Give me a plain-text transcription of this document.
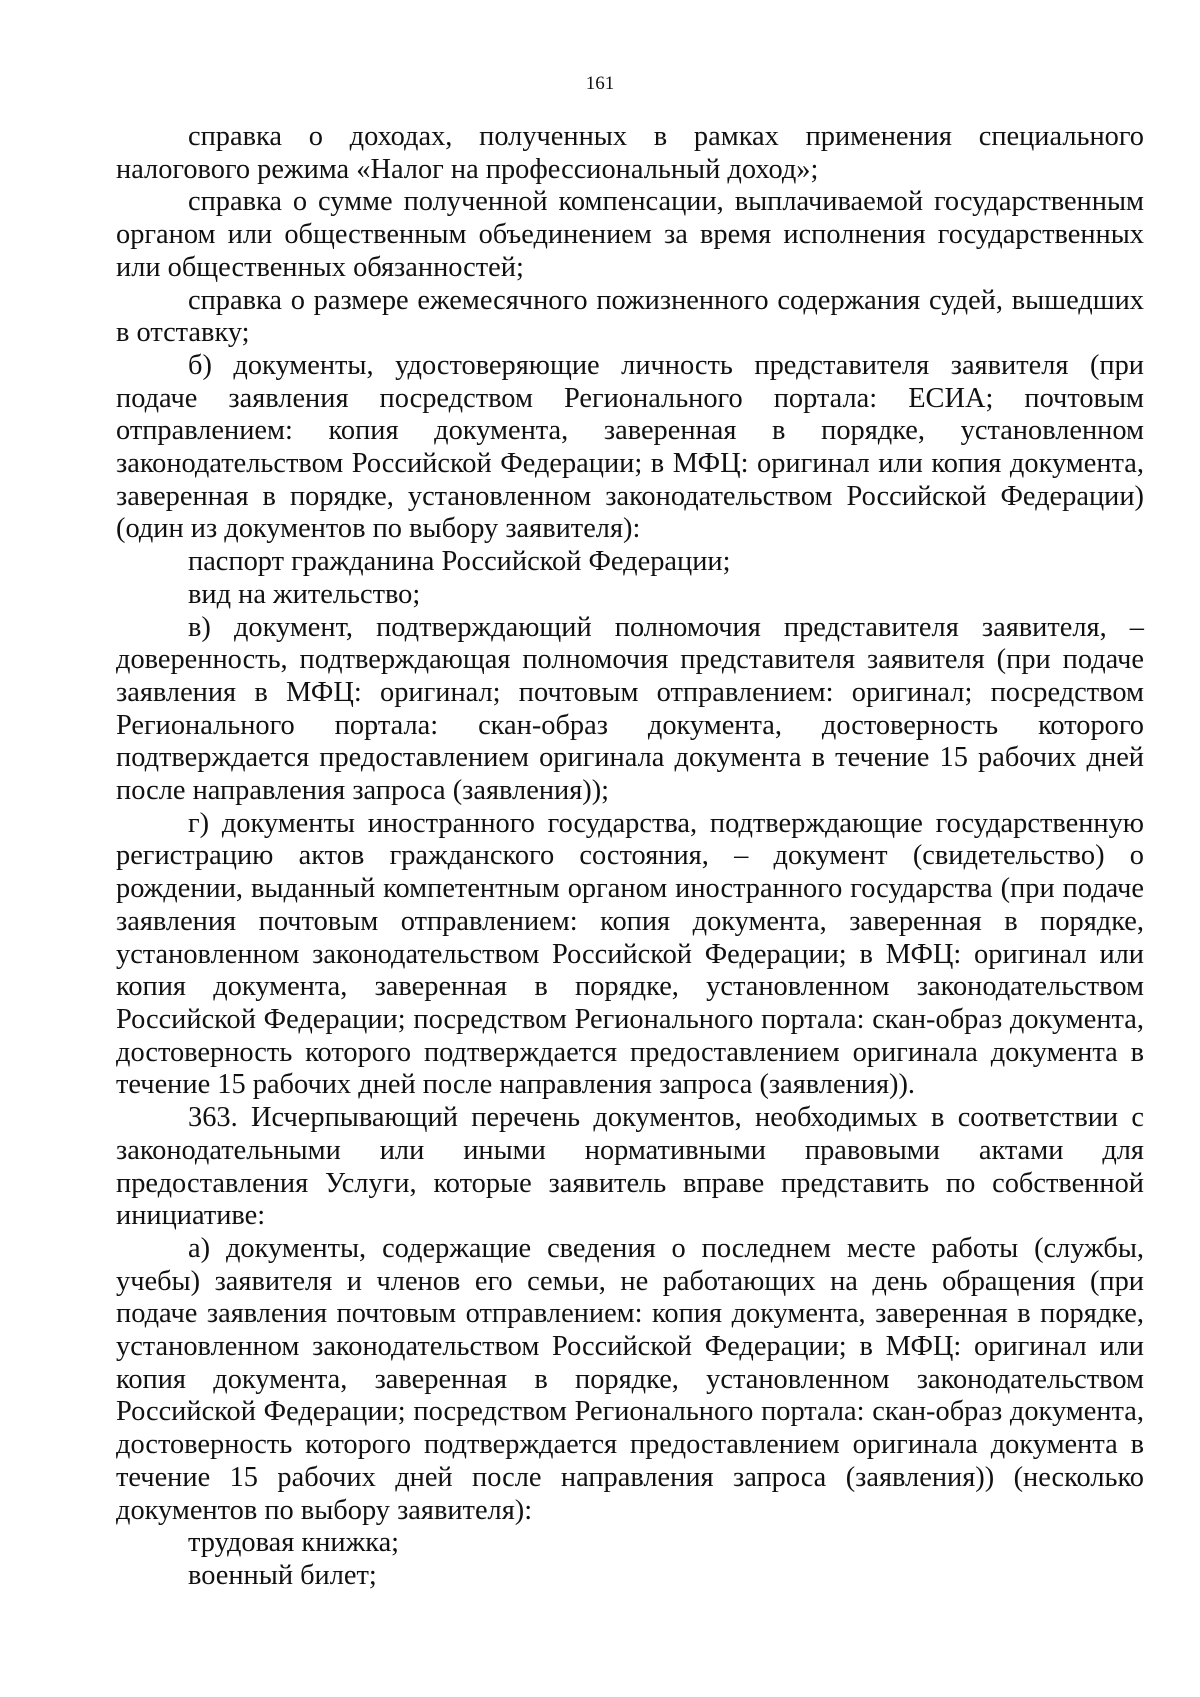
161

справка о доходах, полученных в рамках применения специального налогового режима «Налог на профессиональный доход»;

справка о сумме полученной компенсации, выплачиваемой государственным органом или общественным объединением за время исполнения государственных или общественных обязанностей;

справка о размере ежемесячного пожизненного содержания судей, вышедших в отставку;

б) документы, удостоверяющие личность представителя заявителя (при подаче заявления посредством Регионального портала: ЕСИА; почтовым отправлением: копия документа, заверенная в порядке, установленном законодательством Российской Федерации; в МФЦ: оригинал или копия документа, заверенная в порядке, установленном законодательством Российской Федерации) (один из документов по выбору заявителя):

паспорт гражданина Российской Федерации;

вид на жительство;

в) документ, подтверждающий полномочия представителя заявителя, – доверенность, подтверждающая полномочия представителя заявителя (при подаче заявления в МФЦ: оригинал; почтовым отправлением: оригинал; посредством Регионального портала: скан-образ документа, достоверность которого подтверждается предоставлением оригинала документа в течение 15 рабочих дней после направления запроса (заявления));

г) документы иностранного государства, подтверждающие государственную регистрацию актов гражданского состояния, – документ (свидетельство) о рождении, выданный компетентным органом иностранного государства (при подаче заявления почтовым отправлением: копия документа, заверенная в порядке, установленном законодательством Российской Федерации; в МФЦ: оригинал или копия документа, заверенная в порядке, установленном законодательством Российской Федерации; посредством Регионального портала: скан-образ документа, достоверность которого подтверждается предоставлением оригинала документа в течение 15 рабочих дней после направления запроса (заявления)).

363. Исчерпывающий перечень документов, необходимых в соответствии с законодательными или иными нормативными правовыми актами для предоставления Услуги, которые заявитель вправе представить по собственной инициативе:

а) документы, содержащие сведения о последнем месте работы (службы, учебы) заявителя и членов его семьи, не работающих на день обращения (при подаче заявления почтовым отправлением: копия документа, заверенная в порядке, установленном законодательством Российской Федерации; в МФЦ: оригинал или копия документа, заверенная в порядке, установленном законодательством Российской Федерации; посредством Регионального портала: скан-образ документа, достоверность которого подтверждается предоставлением оригинала документа в течение 15 рабочих дней после направления запроса (заявления)) (несколько документов по выбору заявителя):

трудовая книжка;

военный билет;
